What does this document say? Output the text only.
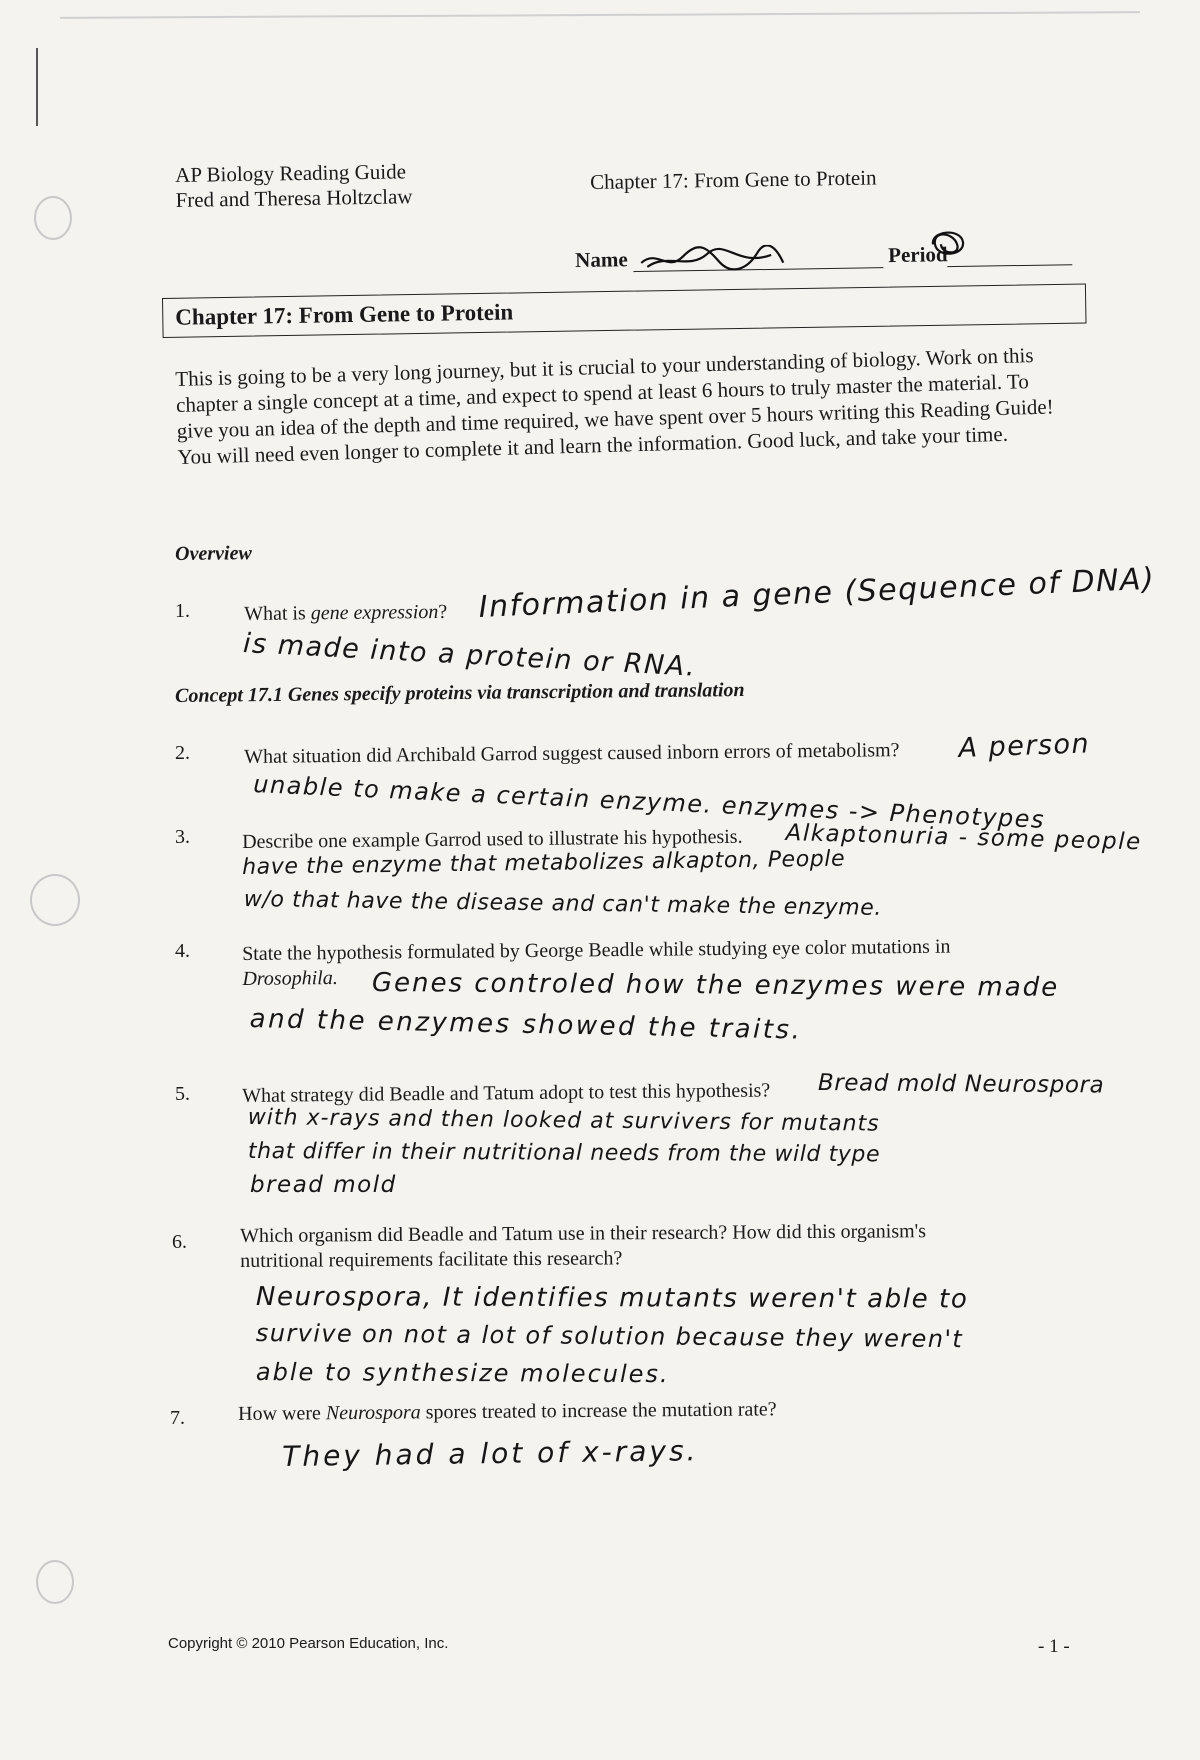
AP Biology Reading Guide
Fred and Theresa Holtzclaw
Chapter 17: From Gene to Protein
Name	Period
Chapter 17: From Gene to Protein
This is going to be a very long journey, but it is crucial to your understanding of biology. Work on this chapter a single concept at a time, and expect to spend at least 6 hours to truly master the material. To give you an idea of the depth and time required, we have spent over 5 hours writing this Reading Guide! You will need even longer to complete it and learn the information. Good luck, and take your time.
Overview
1.	What is gene expression? Information in a gene (Sequence of DNA)
is made into a protein or RNA.
Concept 17.1 Genes specify proteins via transcription and translation
2.	What situation did Archibald Garrod suggest caused inborn errors of metabolism? A person
unable to make a certain enzyme. enzymes -> Phenotypes
3.	Describe one example Garrod used to illustrate his hypothesis. Alkaptonuria - some people
have the enzyme that metabolizes alkapton, People
w/o that have the disease and can't make the enzyme.
4.	State the hypothesis formulated by George Beadle while studying eye color mutations in
Drosophila.	Genes controled how the enzymes were made
and the enzymes showed the traits.
5.	What strategy did Beadle and Tatum adopt to test this hypothesis? Bread mold Neurospora
with x-rays and then looked at survivers for mutants
that differ in their nutritional needs from the wild type
bread mold
6.	Which organism did Beadle and Tatum use in their research? How did this organism's
nutritional requirements facilitate this research?
Neurospora, It identifies mutants weren't able to
survive on not a lot of solution because they weren't
able to synthesize molecules.
7.	How were Neurospora spores treated to increase the mutation rate?
They had a lot of x-rays.
Copyright © 2010 Pearson Education, Inc.	- 1 -
